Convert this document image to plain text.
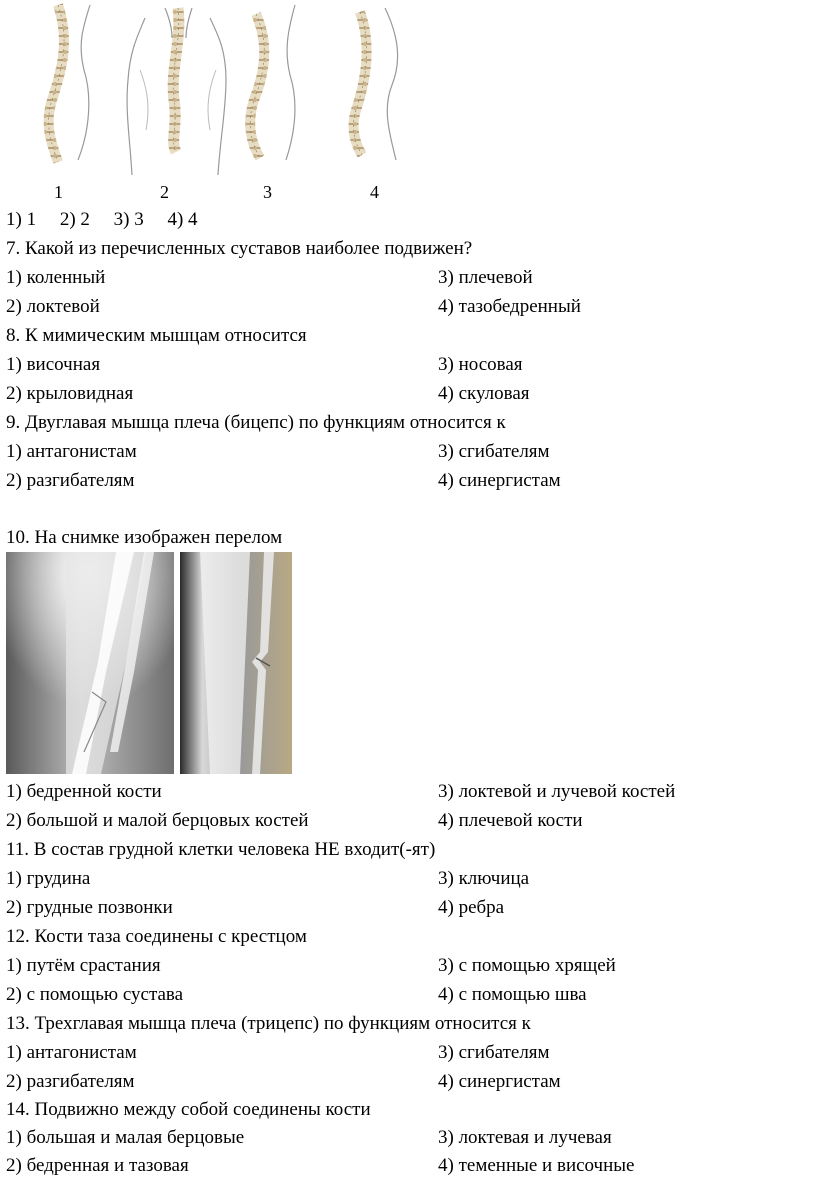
1	2	3	4
1) 1     2) 2     3) 3     4) 4
7. Какой из перечисленных суставов наиболее подвижен?
1) коленный	3) плечевой
2) локтевой	4) тазобедренный
8. К мимическим мышцам относится
1) височная	3) носовая
2) крыловидная	4) скуловая
9. Двуглавая мышца плеча (бицепс) по функциям относится к
1) антагонистам	3) сгибателям
2) разгибателям	4) синергистам
10. На снимке изображен перелом
1) бедренной кости	3) локтевой и лучевой костей
2) большой и малой берцовых костей	4) плечевой кости
11. В состав грудной клетки человека НЕ входит(-ят)
1) грудина	3) ключица
2) грудные позвонки	4) ребра
12. Кости таза соединены с крестцом
1) путём срастания	3) с помощью хрящей
2) с помощью сустава	4) с помощью шва
13. Трехглавая мышца плеча (трицепс) по функциям относится к
1) антагонистам	3) сгибателям
2) разгибателям	4) синергистам
14. Подвижно между собой соединены кости
1) большая и малая берцовые	3) локтевая и лучевая
2) бедренная и тазовая	4) теменные и височные
